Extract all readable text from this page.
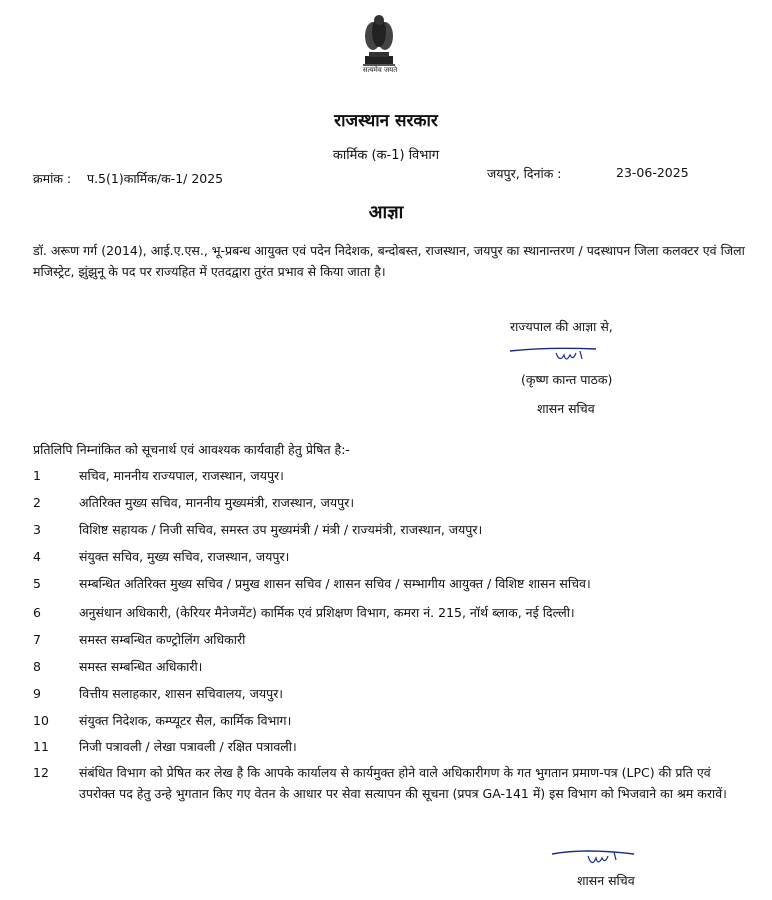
सत्यमेव जयते
राजस्थान सरकार
कार्मिक (क-1) विभाग
क्रमांक : प.5(1)कार्मिक/क-1/ 2025	जयपुर, दिनांक :	23-06-2025
आज्ञा
डॉ. अरूण गर्ग (2014), आई.ए.एस., भू-प्रबन्ध आयुक्त एवं पदेन निदेशक, बन्दोबस्त, राजस्थान, जयपुर का स्थानान्तरण / पदस्थापन जिला कलक्टर एवं जिला मजिस्ट्रेट, झुंझुनू के पद पर राज्यहित में एतदद्वारा तुरंत प्रभाव से किया जाता है।
राज्यपाल की आज्ञा से,
(कृष्ण कान्त पाठक)
शासन सचिव
प्रतिलिपि निम्नांकित को सूचनार्थ एवं आवश्यक कार्यवाही हेतु प्रेषित है:-
1	सचिव, माननीय राज्यपाल, राजस्थान, जयपुर।
2	अतिरिक्त मुख्य सचिव, माननीय मुख्यमंत्री, राजस्थान, जयपुर।
3	विशिष्ट सहायक / निजी सचिव, समस्त उप मुख्यमंत्री / मंत्री / राज्यमंत्री, राजस्थान, जयपुर।
4	संयुक्त सचिव, मुख्य सचिव, राजस्थान, जयपुर।
5	सम्बन्धित अतिरिक्त मुख्य सचिव / प्रमुख शासन सचिव / शासन सचिव / सम्भागीय आयुक्त / विशिष्ट शासन सचिव।
6	अनुसंधान अधिकारी, (केरियर मैनेजमेंट) कार्मिक एवं प्रशिक्षण विभाग, कमरा नं. 215, नॉर्थ ब्लाक, नई दिल्ली।
7	समस्त सम्बन्धित कण्ट्रोलिंग अधिकारी
8	समस्त सम्बन्धित अधिकारी।
9	वित्तीय सलाहकार, शासन सचिवालय, जयपुर।
10	संयुक्त निदेशक, कम्प्यूटर सैल, कार्मिक विभाग।
11	निजी पत्रावली / लेखा पत्रावली / रक्षित पत्रावली।
12	संबंधित विभाग को प्रेषित कर लेख है कि आपके कार्यालय से कार्यमुक्त होने वाले अधिकारीगण के गत भुगतान प्रमाण-पत्र (LPC) की प्रति एवं उपरोक्त पद हेतु उन्हे भुगतान किए गए वेतन के आधार पर सेवा सत्यापन की सूचना (प्रपत्र GA-141 में) इस विभाग को भिजवाने का श्रम करावें।
शासन सचिव
